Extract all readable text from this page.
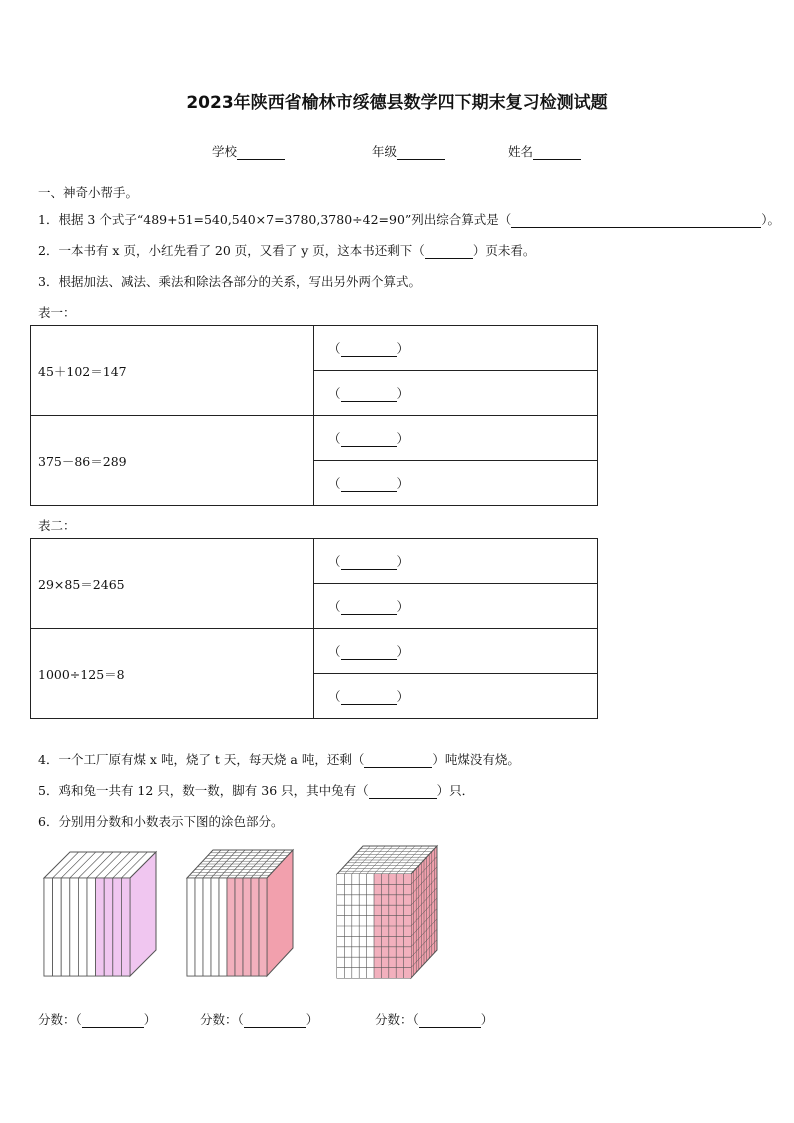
2023年陕西省榆林市绥德县数学四下期末复习检测试题
学校	年级	姓名
一、神奇小帮手。
1．根据 3 个式子“489+51=540,540×7=3780,3780÷42=90”列出综合算式是（	）。
2．一本书有 x 页，小红先看了 20 页，又看了 y 页，这本书还剩下（	）页未看。
3．根据加法、减法、乘法和除法各部分的关系，写出另外两个算式。
表一：
45＋102＝147	（ ）
	（ ）
375－86＝289	（ ）
	（ ）
表二：
29×85＝2465	（ ）
	（ ）
1000÷125＝8	（ ）
	（ ）
4．一个工厂原有煤 x 吨，烧了 t 天，每天烧 a 吨，还剩（	）吨煤没有烧。
5．鸡和兔一共有 12 只，数一数，脚有 36 只，其中兔有（	）只．
6．分别用分数和小数表示下图的涂色部分。
分数：（	）	分数：（	）	分数：（	）
